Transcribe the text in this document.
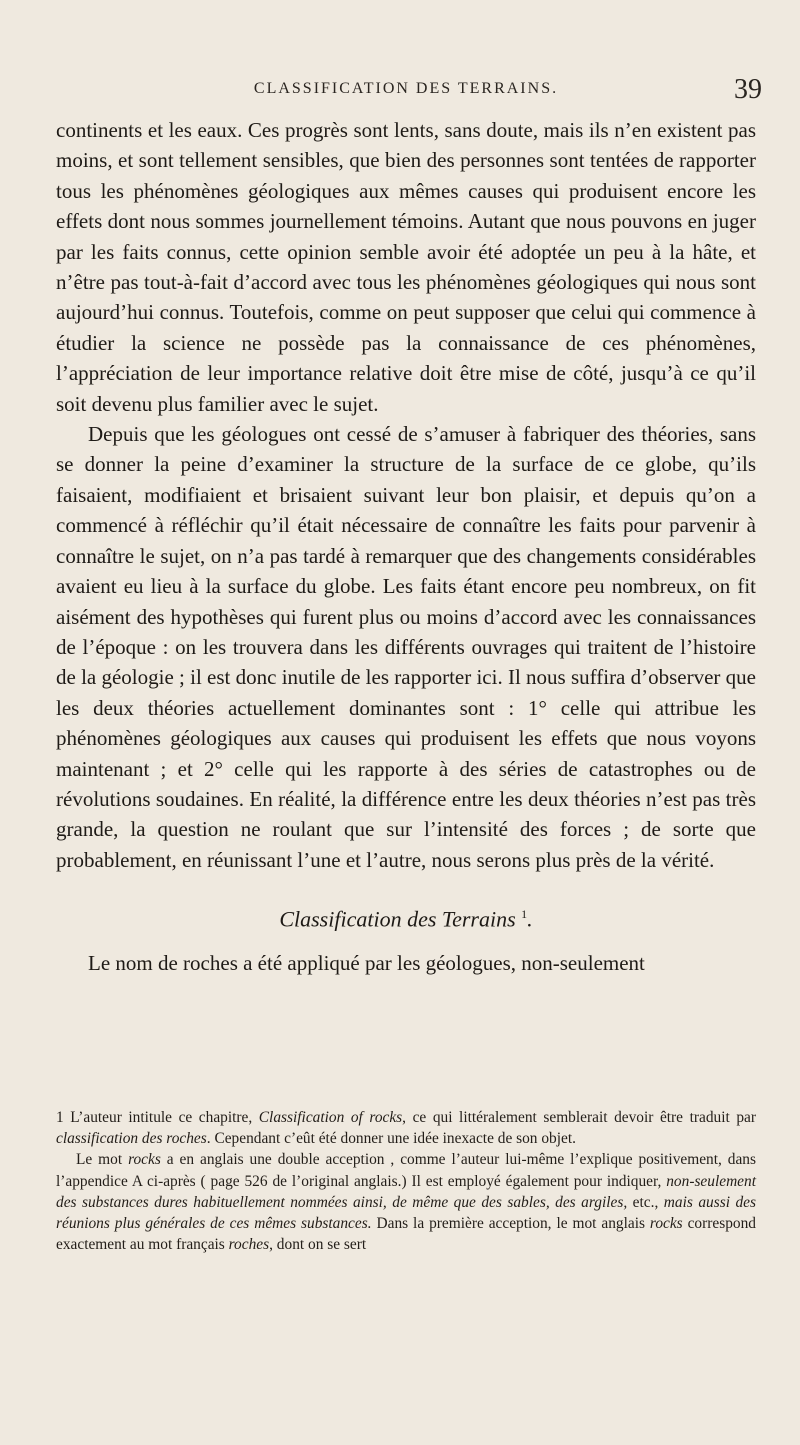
CLASSIFICATION DES TERRAINS.	39

continents et les eaux. Ces progrès sont lents, sans doute, mais ils n’en existent pas moins, et sont tellement sensibles, que bien des personnes sont tentées de rapporter tous les phénomènes géologiques aux mêmes causes qui produisent encore les effets dont nous sommes journellement témoins. Autant que nous pouvons en juger par les faits connus, cette opinion semble avoir été adoptée un peu à la hâte, et n’être pas tout-à-fait d’accord avec tous les phénomènes géologiques qui nous sont aujourd’hui connus. Toutefois, comme on peut supposer que celui qui commence à étudier la science ne possède pas la connaissance de ces phénomènes, l’appréciation de leur importance relative doit être mise de côté, jusqu’à ce qu’il soit devenu plus familier avec le sujet.

Depuis que les géologues ont cessé de s’amuser à fabriquer des théories, sans se donner la peine d’examiner la structure de la surface de ce globe, qu’ils faisaient, modifiaient et brisaient suivant leur bon plaisir, et depuis qu’on a commencé à réfléchir qu’il était nécessaire de connaître les faits pour parvenir à connaître le sujet, on n’a pas tardé à remarquer que des changements considérables avaient eu lieu à la surface du globe. Les faits étant encore peu nombreux, on fit aisément des hypothèses qui furent plus ou moins d’accord avec les connaissances de l’époque : on les trouvera dans les différents ouvrages qui traitent de l’histoire de la géologie ; il est donc inutile de les rapporter ici. Il nous suffira d’observer que les deux théories actuellement dominantes sont : 1° celle qui attribue les phénomènes géologiques aux causes qui produisent les effets que nous voyons maintenant ; et 2° celle qui les rapporte à des séries de catastrophes ou de révolutions soudaines. En réalité, la différence entre les deux théories n’est pas très grande, la question ne roulant que sur l’intensité des forces ; de sorte que probablement, en réunissant l’une et l’autre, nous serons plus près de la vérité.

Classification des Terrains $^1$.

Le nom de roches a été appliqué par les géologues, non-seulement

1 L’auteur intitule ce chapitre, Classification of rocks, ce qui littéralement semblerait devoir être traduit par classification des roches. Cependant c’eût été donner une idée inexacte de son objet.

Le mot rocks a en anglais une double acception , comme l’auteur lui-même l’explique positivement, dans l’appendice A ci-après ( page 526 de l’original anglais.) Il est employé également pour indiquer, non-seulement des substances dures habituellement nommées ainsi, de même que des sables, des argiles, etc., mais aussi des réunions plus générales de ces mêmes substances. Dans la première acception, le mot anglais rocks correspond exactement au mot français roches, dont on se sert
